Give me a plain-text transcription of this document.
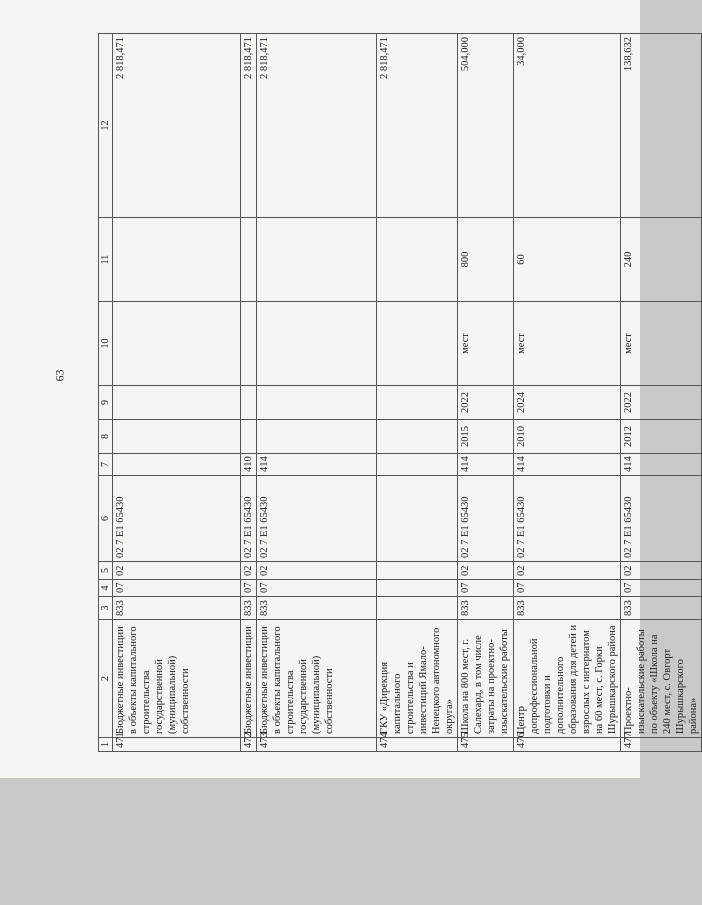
63
1	2	3	4	5	6	7	8	9	10	11	12
471	Бюджетные инвестиции в объекты капитального строительства государственной (муниципальной) собственности	833	07	02	02 7 E1 65430						2 818,471
472	Бюджетные инвестиции	833	07	02	02 7 E1 65430	410					2 818,471
473	Бюджетные инвестиции в объекты капитального строительства государственной (муниципальной) собственности	833	07	02	02 7 E1 65430	414					2 818,471
474	ГКУ «Дирекция капитального строительства и инвестиций Ямало-Ненецкого автономного округа»										2 818,471
475	Школа на 800 мест, г. Салехард, в том числе затраты на проектно-изыскательские работы	833	07	02	02 7 E1 65430	414	2015	2022	мест	800	504,000
476	Центр допрофессиональной подготовки и дополнительного образования для детей и взрослых с интернатом на 60 мест, с. Горки Шурышкарского района	833	07	02	02 7 E1 65430	414	2010	2024	мест	60	34,000
477	Проектно-изыскательские работы по объекту «Школа на 240 мест, с. Овгорт Шурышкарского района»	833	07	02	02 7 E1 65430	414	2012	2022	мест	240	138,632
